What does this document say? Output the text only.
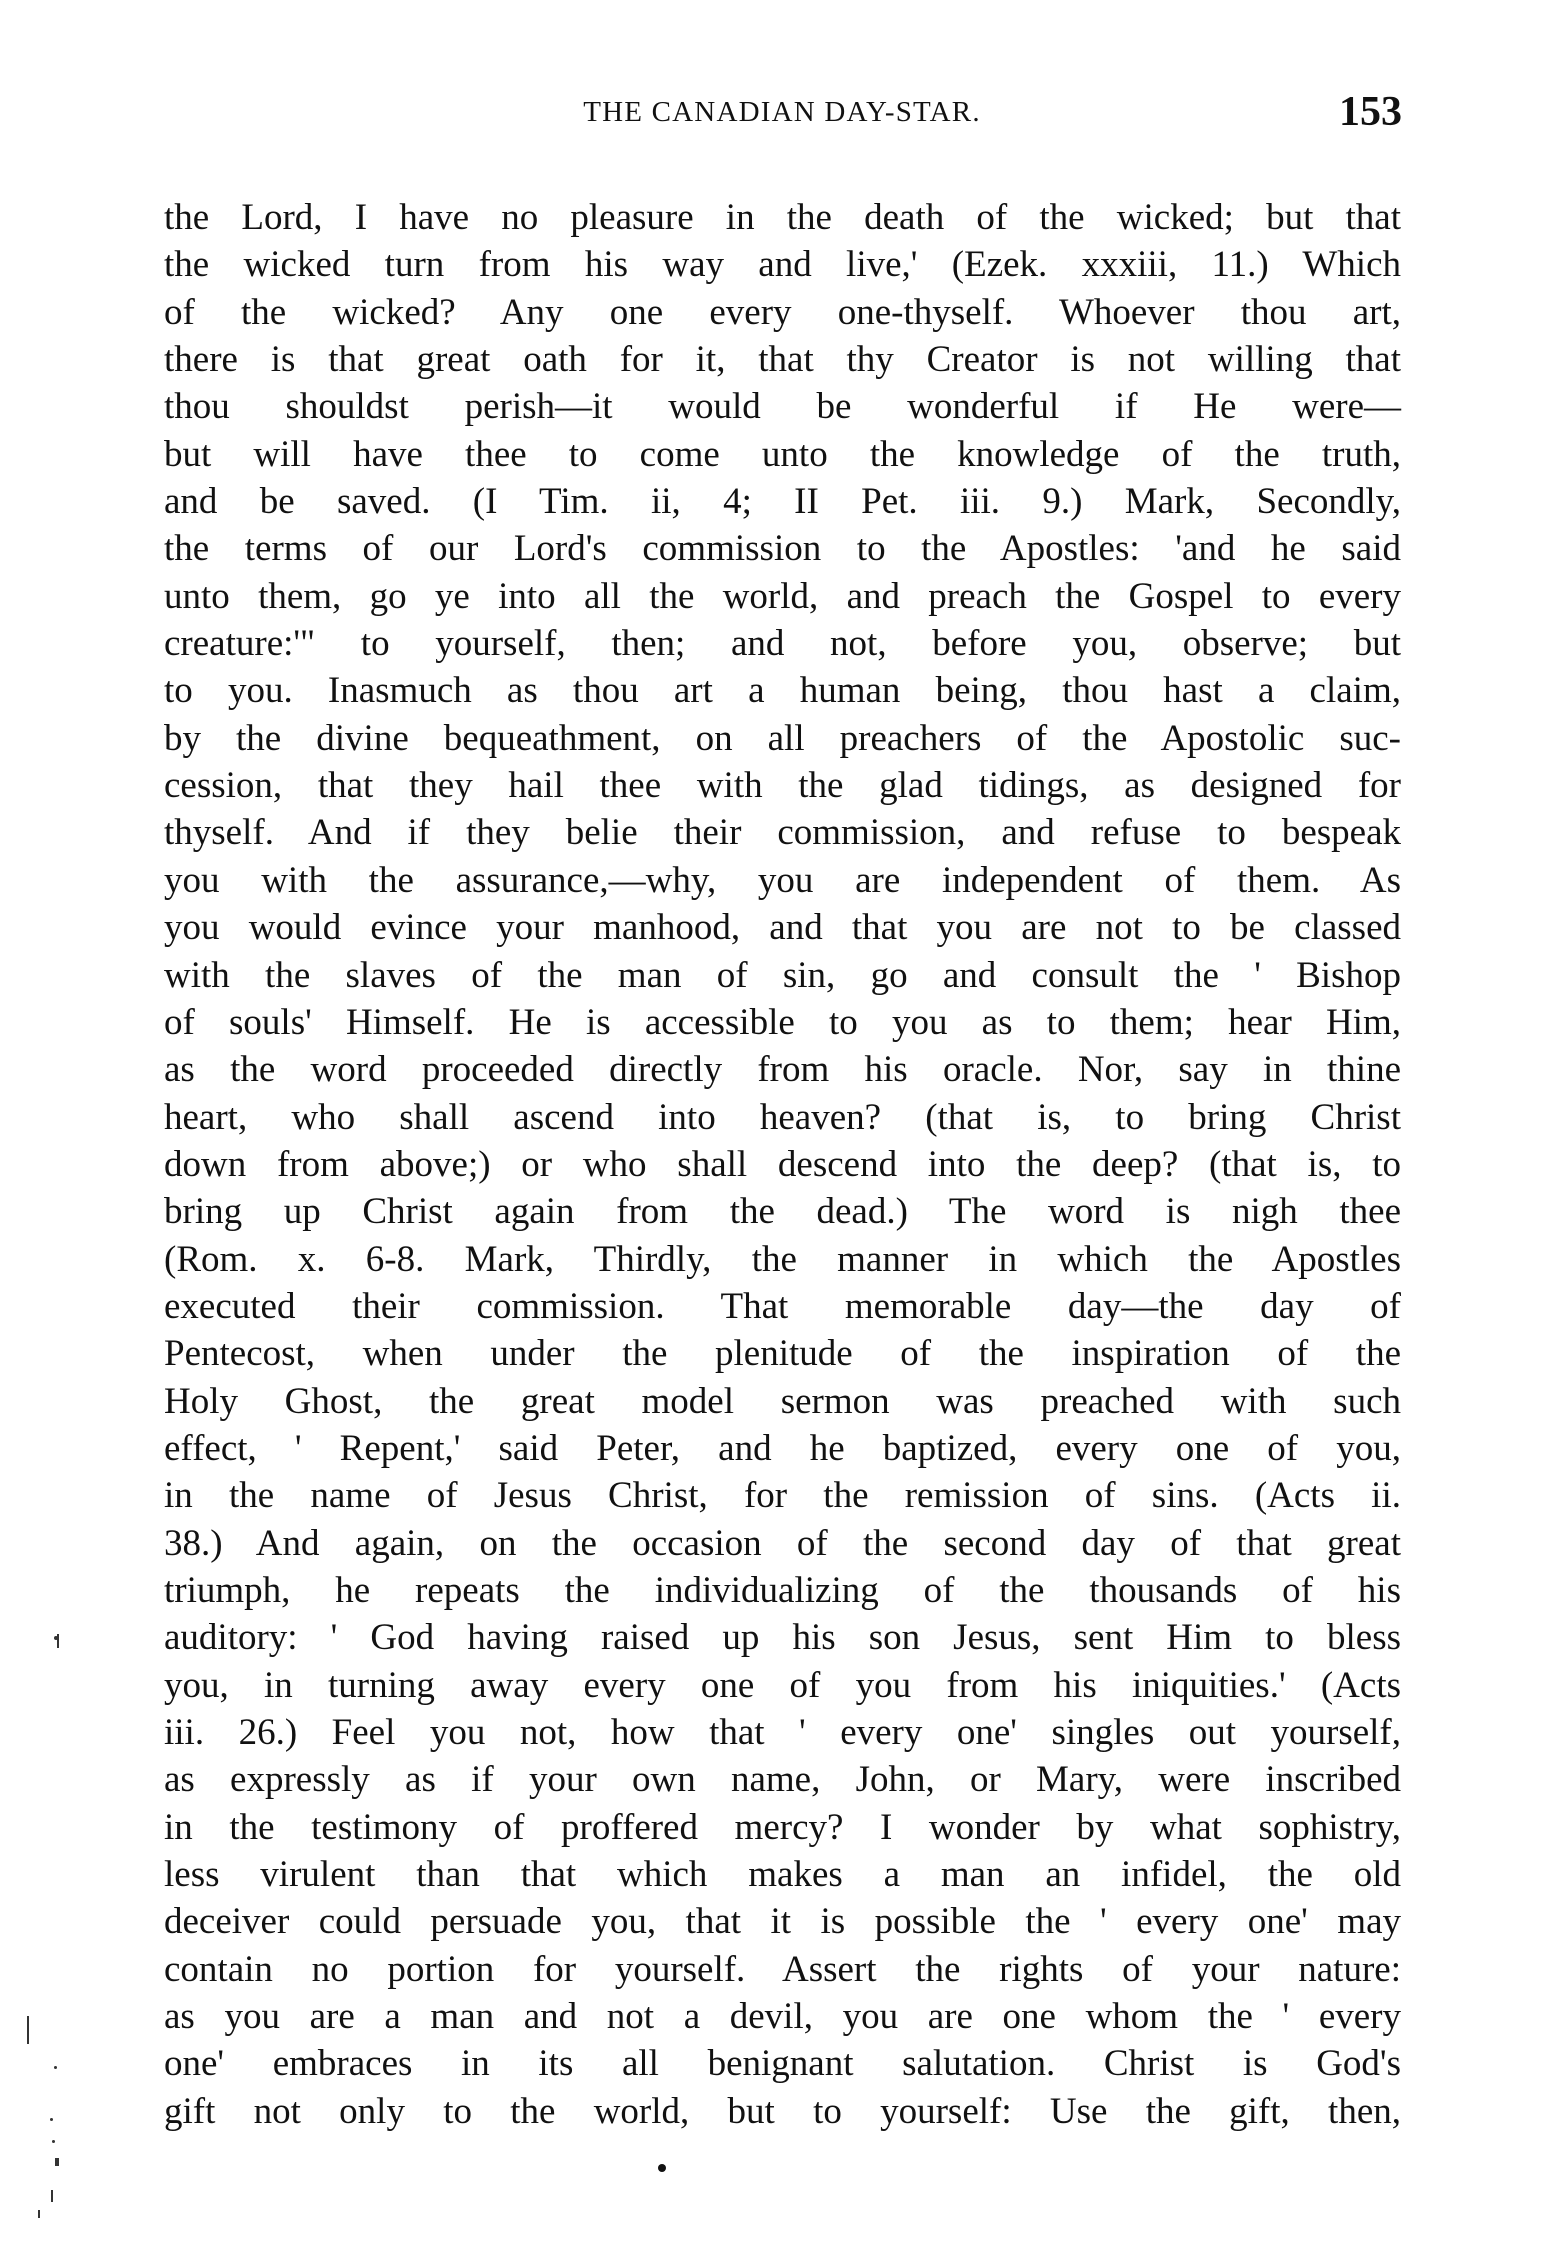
THE CANADIAN DAY-STAR.	153
the Lord, I have no pleasure in the death of the wicked; but that
the wicked turn from his way and live,' (Ezek. xxxiii, 11.) Which
of the wicked? Any one every one-thyself. Whoever thou art,
there is that great oath for it, that thy Creator is not willing that
thou shouldst perish—it would be wonderful if He were—
but will have thee to come unto the knowledge of the truth,
and be saved. (I Tim. ii, 4; II Pet. iii. 9.) Mark, Secondly,
the terms of our Lord's commission to the Apostles: 'and he said
unto them, go ye into all the world, and preach the Gospel to every
creature:'" to yourself, then; and not, before you, observe; but
to you. Inasmuch as thou art a human being, thou hast a claim,
by the divine bequeathment, on all preachers of the Apostolic suc-
cession, that they hail thee with the glad tidings, as designed for
thyself. And if they belie their commission, and refuse to bespeak
you with the assurance,—why, you are independent of them. As
you would evince your manhood, and that you are not to be classed
with the slaves of the man of sin, go and consult the ' Bishop
of souls' Himself. He is accessible to you as to them; hear Him,
as the word proceeded directly from his oracle. Nor, say in thine
heart, who shall ascend into heaven? (that is, to bring Christ
down from above;) or who shall descend into the deep? (that is, to
bring up Christ again from the dead.) The word is nigh thee
(Rom. x. 6-8. Mark, Thirdly, the manner in which the Apostles
executed their commission. That memorable day—the day of
Pentecost, when under the plenitude of the inspiration of the
Holy Ghost, the great model sermon was preached with such
effect, ' Repent,' said Peter, and he baptized, every one of you,
in the name of Jesus Christ, for the remission of sins. (Acts ii.
38.) And again, on the occasion of the second day of that great
triumph, he repeats the individualizing of the thousands of his
auditory: ' God having raised up his son Jesus, sent Him to bless
you, in turning away every one of you from his iniquities.' (Acts
iii. 26.) Feel you not, how that ' every one' singles out yourself,
as expressly as if your own name, John, or Mary, were inscribed
in the testimony of proffered mercy? I wonder by what sophistry,
less virulent than that which makes a man an infidel, the old
deceiver could persuade you, that it is possible the ' every one' may
contain no portion for yourself. Assert the rights of your nature:
as you are a man and not a devil, you are one whom the ' every
one' embraces in its all benignant salutation. Christ is God's
gift not only to the world, but to yourself: Use the gift, then,
